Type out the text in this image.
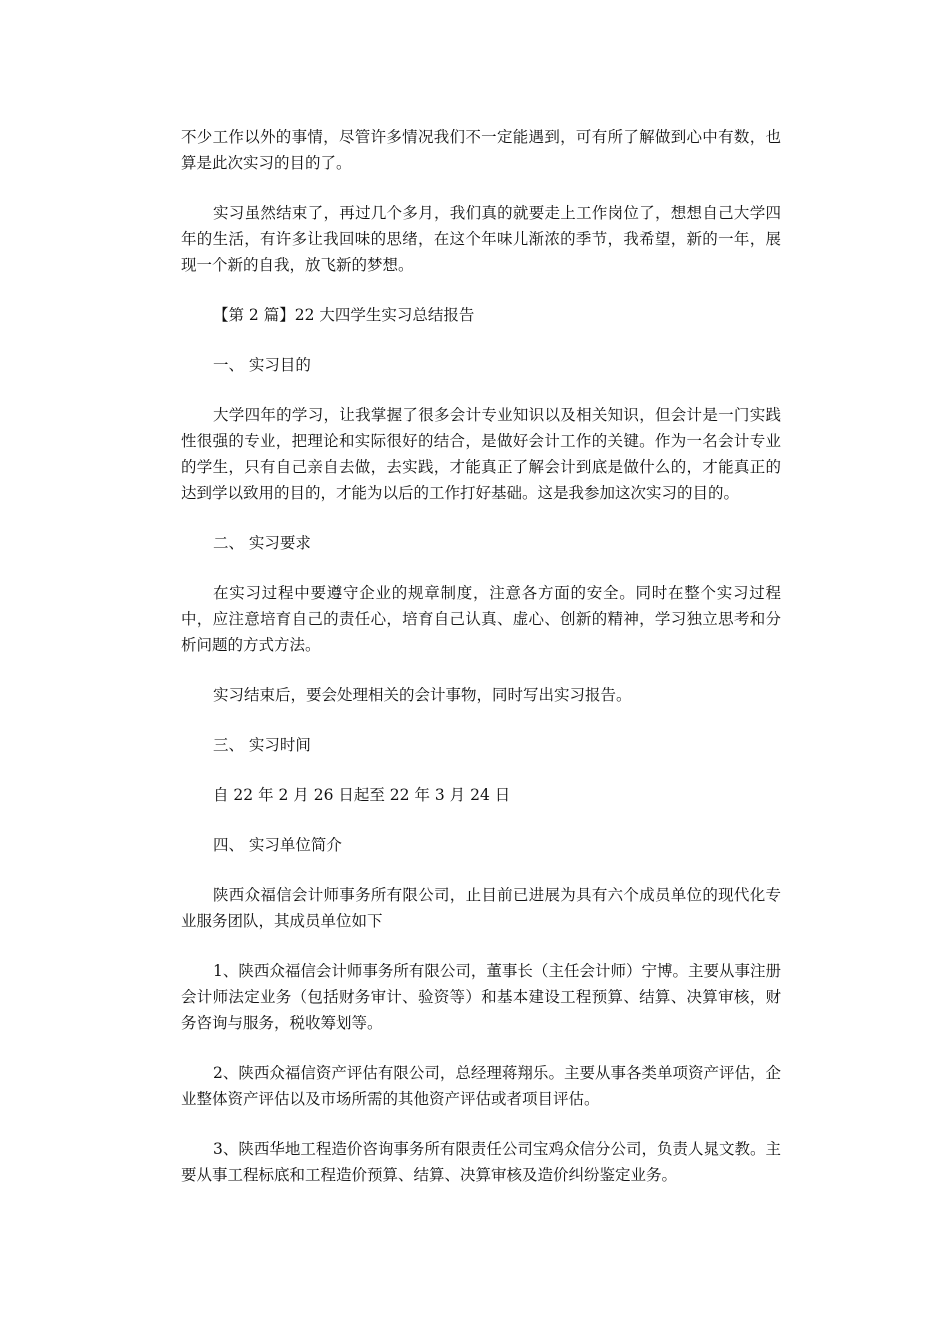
不少工作以外的事情，尽管许多情况我们不一定能遇到，可有所了解做到心中有数，也算是此次实习的目的了。

实习虽然结束了，再过几个多月，我们真的就要走上工作岗位了，想想自己大学四年的生活，有许多让我回味的思绪，在这个年味儿渐浓的季节，我希望，新的一年，展现一个新的自我，放飞新的梦想。

【第 2 篇】22 大四学生实习总结报告

一、 实习目的

大学四年的学习，让我掌握了很多会计专业知识以及相关知识，但会计是一门实践性很强的专业，把理论和实际很好的结合，是做好会计工作的关键。作为一名会计专业的学生，只有自己亲自去做，去实践，才能真正了解会计到底是做什么的，才能真正的达到学以致用的目的，才能为以后的工作打好基础。这是我参加这次实习的目的。

二、 实习要求

在实习过程中要遵守企业的规章制度，注意各方面的安全。同时在整个实习过程中，应注意培育自己的责任心，培育自己认真、虚心、创新的精神，学习独立思考和分析问题的方式方法。

实习结束后，要会处理相关的会计事物，同时写出实习报告。

三、 实习时间

自 22 年 2 月 26 日起至 22 年 3 月 24 日

四、 实习单位简介

陕西众福信会计师事务所有限公司，止目前已进展为具有六个成员单位的现代化专业服务团队，其成员单位如下

1、陕西众福信会计师事务所有限公司，董事长（主任会计师）宁博。主要从事注册会计师法定业务（包括财务审计、验资等）和基本建设工程预算、结算、决算审核，财务咨询与服务，税收筹划等。

2、陕西众福信资产评估有限公司，总经理蒋翔乐。主要从事各类单项资产评估，企业整体资产评估以及市场所需的其他资产评估或者项目评估。

3、陕西华地工程造价咨询事务所有限责任公司宝鸡众信分公司，负责人晁文教。主要从事工程标底和工程造价预算、结算、决算审核及造价纠纷鉴定业务。
